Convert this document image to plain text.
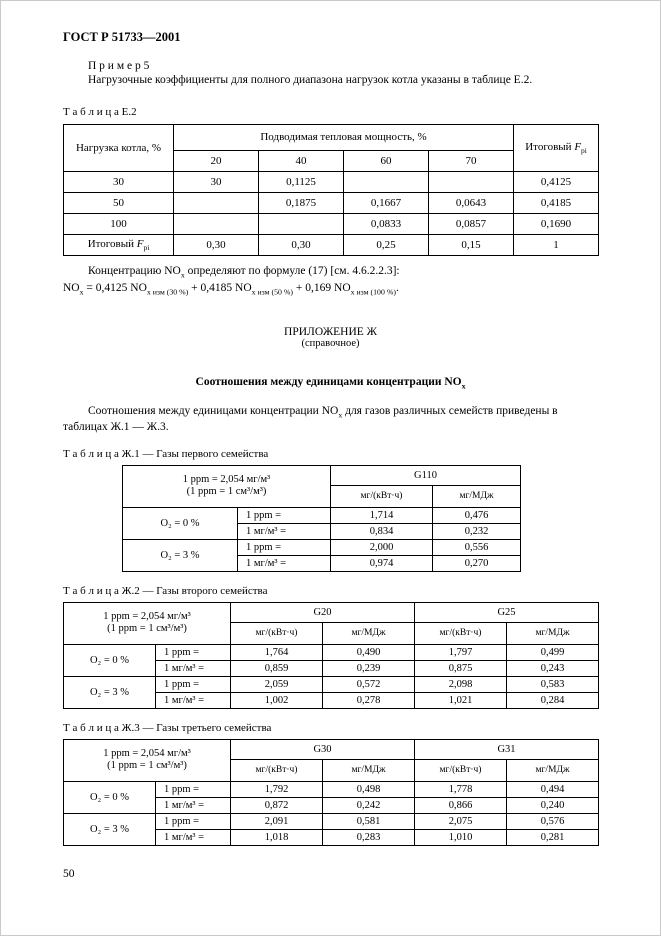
ГОСТ Р 51733—2001
П р и м е р 5
Нагрузочные коэффициенты для полного диапазона нагрузок котла указаны в таблице Е.2.
Т а б л и ц а Е.2
Нагрузка котла, %	Подводимая тепловая мощность, %				Итоговый $F_{pi}$
	20	40	60	70	
30	30	0,1125			0,4125
50		0,1875	0,1667	0,0643	0,4185
100			0,0833	0,0857	0,1690
Итоговый $F_{pi}$	0,30	0,30	0,25	0,15	1
Концентрацию $NO_x$ определяют по формуле (17) [см. 4.6.2.2.3]:
$NO_x = 0,4125$ $NO_{x изм (30 \%)} + 0,4185$ $NO_{x изм (50 \%)} + 0,169$ $NO_{x изм (100 \%)}$.
ПРИЛОЖЕНИЕ Ж
(справочное)
Соотношения между единицами концентрации $NO_x$
Соотношения между единицами концентрации $NO_x$ для газов различных семейств приведены в таблицах Ж.1 — Ж.3.
Т а б л и ц а Ж.1 — Газы первого семейства
1 ppm = 2,054 мг/м³
(1 ppm = 1 см³/м³)		G110	
		мг/(кВт·ч)	мг/МДж
О₂ = 0 %	1 ppm =	1,714	0,476
	1 мг/м³ =	0,834	0,232
О₂ = 3 %	1 ppm =	2,000	0,556
	1 мг/м³ =	0,974	0,270
Т а б л и ц а Ж.2 — Газы второго семейства
1 ppm = 2,054 мг/м³
(1 ppm = 1 см³/м³)		G20		G25	
		мг/(кВт·ч)	мг/МДж	мг/(кВт·ч)	мг/МДж
О₂ = 0 %	1 ppm =	1,764	0,490	1,797	0,499
	1 мг/м³ =	0,859	0,239	0,875	0,243
О₂ = 3 %	1 ppm =	2,059	0,572	2,098	0,583
	1 мг/м³ =	1,002	0,278	1,021	0,284
Т а б л и ц а Ж.3 — Газы третьего семейства
1 ppm = 2,054 мг/м³
(1 ppm = 1 см³/м³)		G30		G31	
		мг/(кВт·ч)	мг/МДж	мг/(кВт·ч)	мг/МДж
О₂ = 0 %	1 ppm =	1,792	0,498	1,778	0,494
	1 мг/м³ =	0,872	0,242	0,866	0,240
О₂ = 3 %	1 ppm =	2,091	0,581	2,075	0,576
	1 мг/м³ =	1,018	0,283	1,010	0,281
50
